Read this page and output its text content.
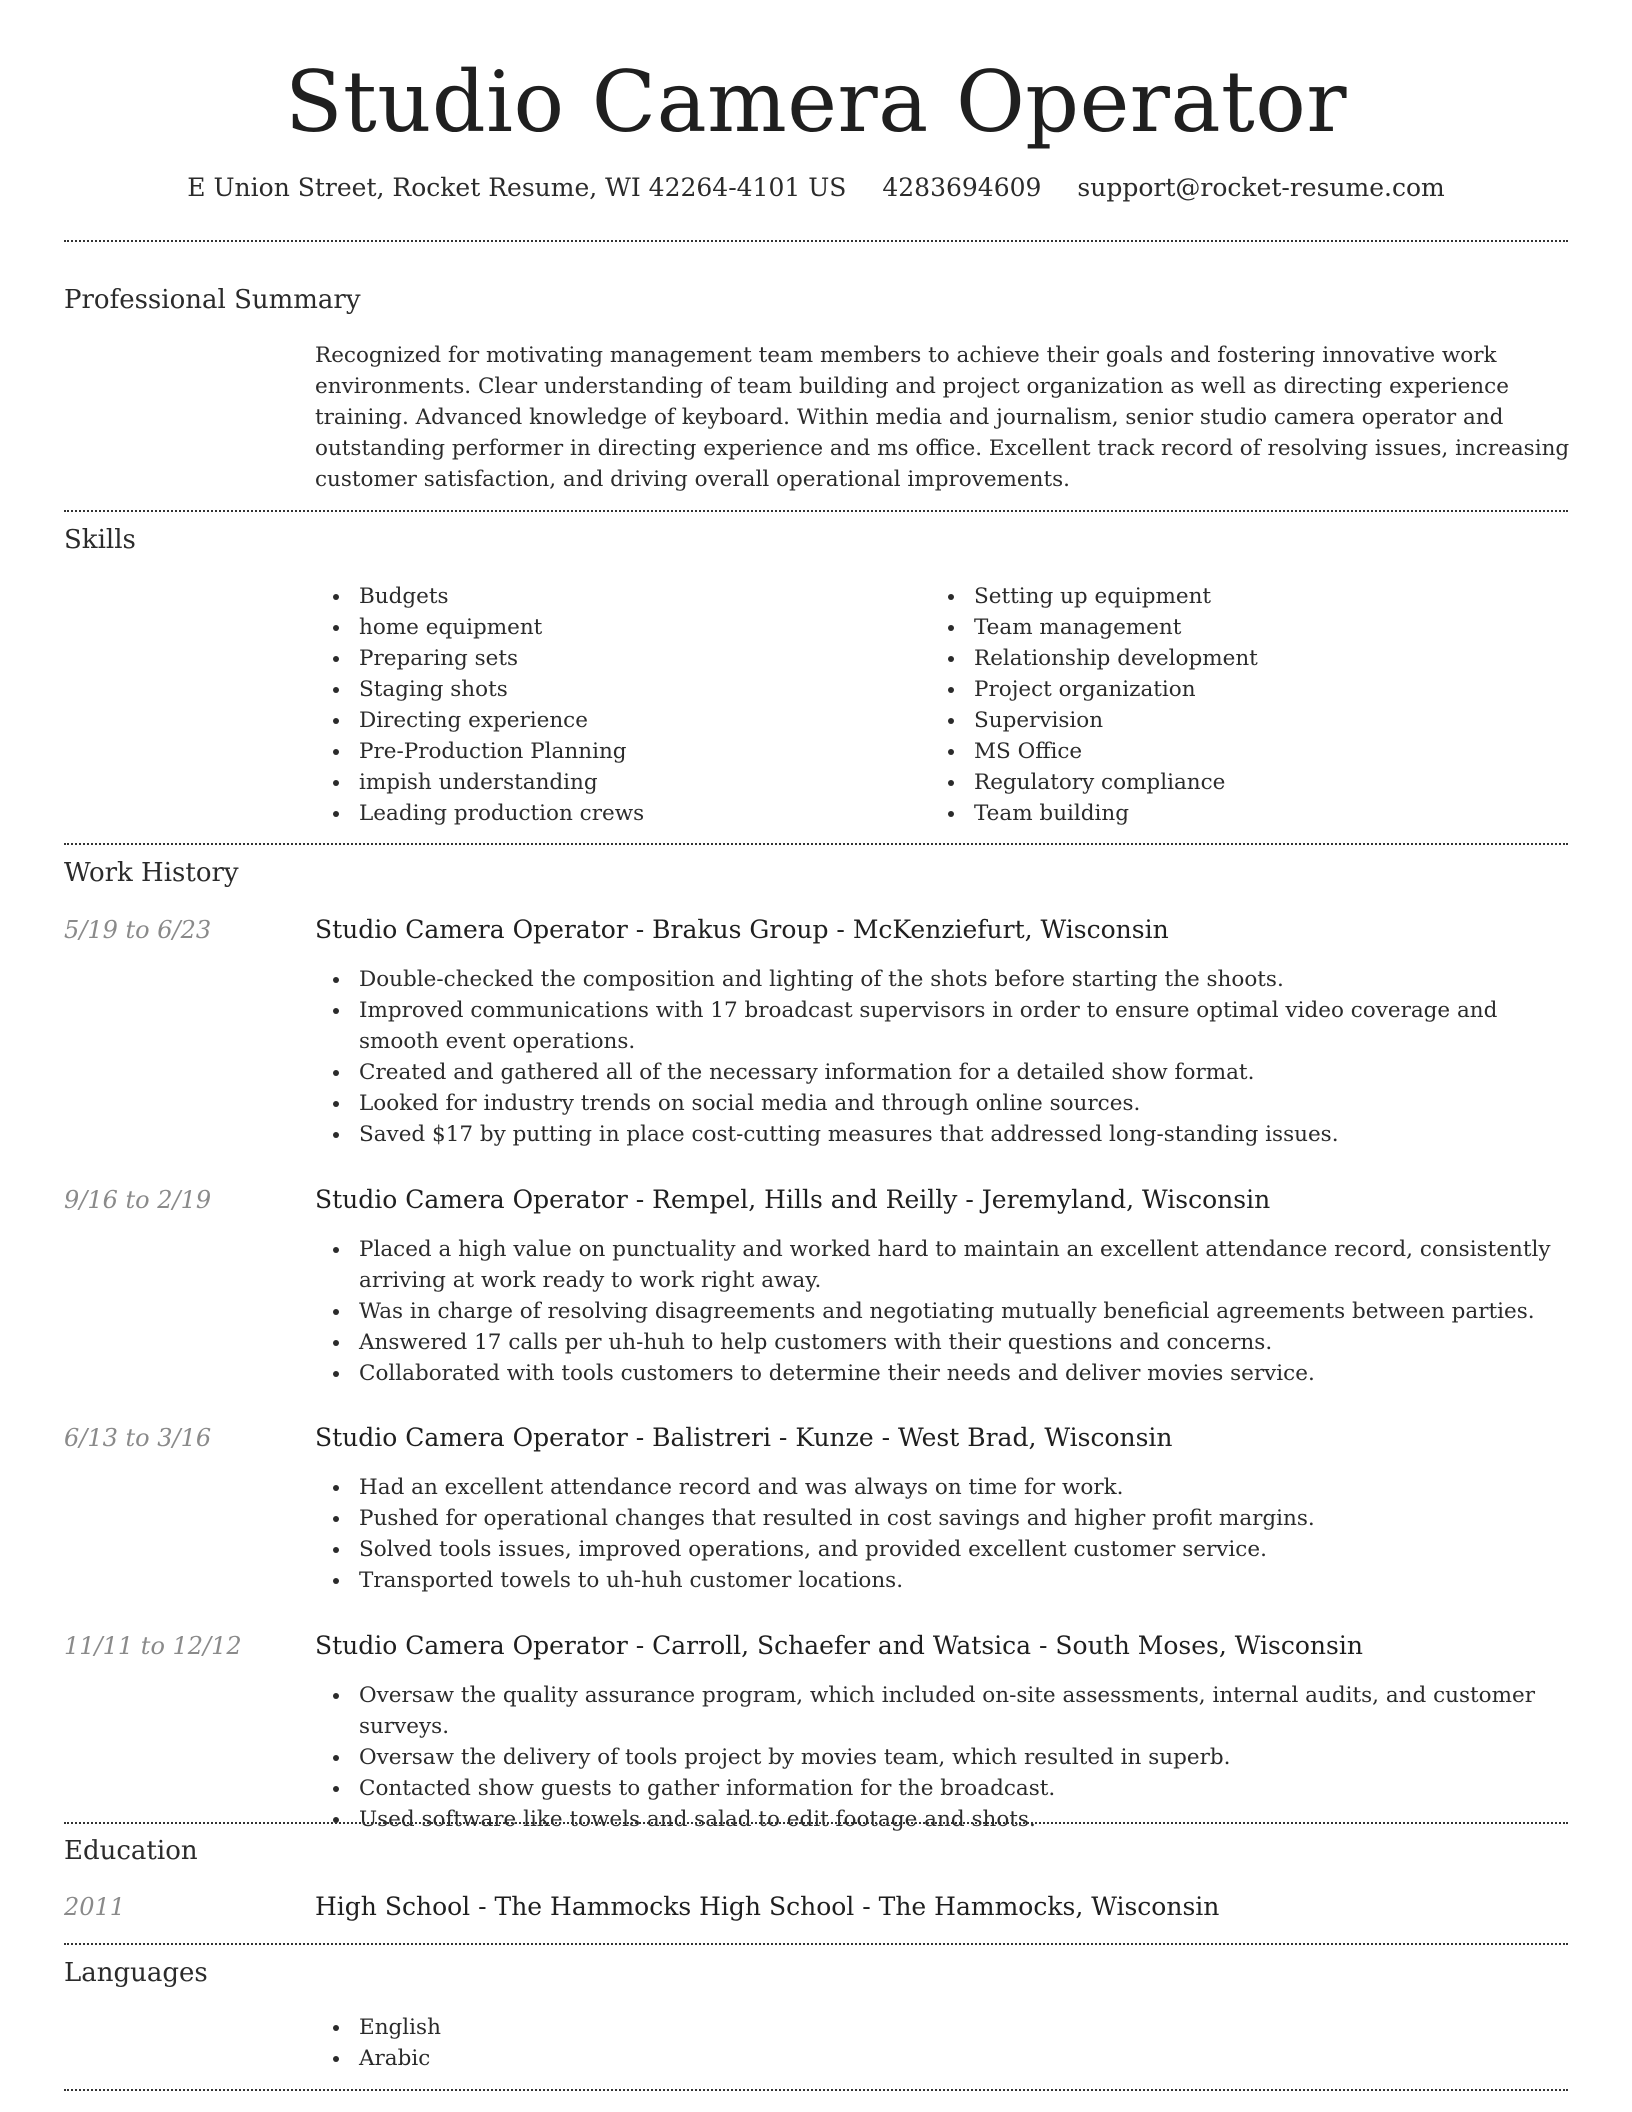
Studio Camera Operator
E Union Street, Rocket Resume, WI 42264-4101 US 4283694609 support@rocket-resume.com
Professional Summary

Recognized for motivating management team members to achieve their goals and fostering innovative work environments. Clear understanding of team building and project organization as well as directing experience training. Advanced knowledge of keyboard. Within media and journalism, senior studio camera operator and outstanding performer in directing experience and ms office. Excellent track record of resolving issues, increasing customer satisfaction, and driving overall operational improvements.

Skills
Budgets
home equipment
Preparing sets
Staging shots
Directing experience
Pre-Production Planning
impish understanding
Leading production crews
Setting up equipment
Team management
Relationship development
Project organization
Supervision
MS Office
Regulatory compliance
Team building
Work History
5/19 to 6/23	Studio Camera Operator - Brakus Group - McKenziefurt, Wisconsin
Double-checked the composition and lighting of the shots before starting the shoots.
Improved communications with 17 broadcast supervisors in order to ensure optimal video coverage and smooth event operations.
Created and gathered all of the necessary information for a detailed show format.
Looked for industry trends on social media and through online sources.
Saved $17 by putting in place cost-cutting measures that addressed long-standing issues.
9/16 to 2/19	Studio Camera Operator - Rempel, Hills and Reilly - Jeremyland, Wisconsin
Placed a high value on punctuality and worked hard to maintain an excellent attendance record, consistently arriving at work ready to work right away.
Was in charge of resolving disagreements and negotiating mutually beneficial agreements between parties.
Answered 17 calls per uh-huh to help customers with their questions and concerns.
Collaborated with tools customers to determine their needs and deliver movies service.
6/13 to 3/16	Studio Camera Operator - Balistreri - Kunze - West Brad, Wisconsin
Had an excellent attendance record and was always on time for work.
Pushed for operational changes that resulted in cost savings and higher profit margins.
Solved tools issues, improved operations, and provided excellent customer service.
Transported towels to uh-huh customer locations.
11/11 to 12/12	Studio Camera Operator - Carroll, Schaefer and Watsica - South Moses, Wisconsin
Oversaw the quality assurance program, which included on-site assessments, internal audits, and customer surveys.
Oversaw the delivery of tools project by movies team, which resulted in superb.
Contacted show guests to gather information for the broadcast.
Used software like towels and salad to edit footage and shots.
Education
2011	High School - The Hammocks High School - The Hammocks, Wisconsin
Languages
English
Arabic
